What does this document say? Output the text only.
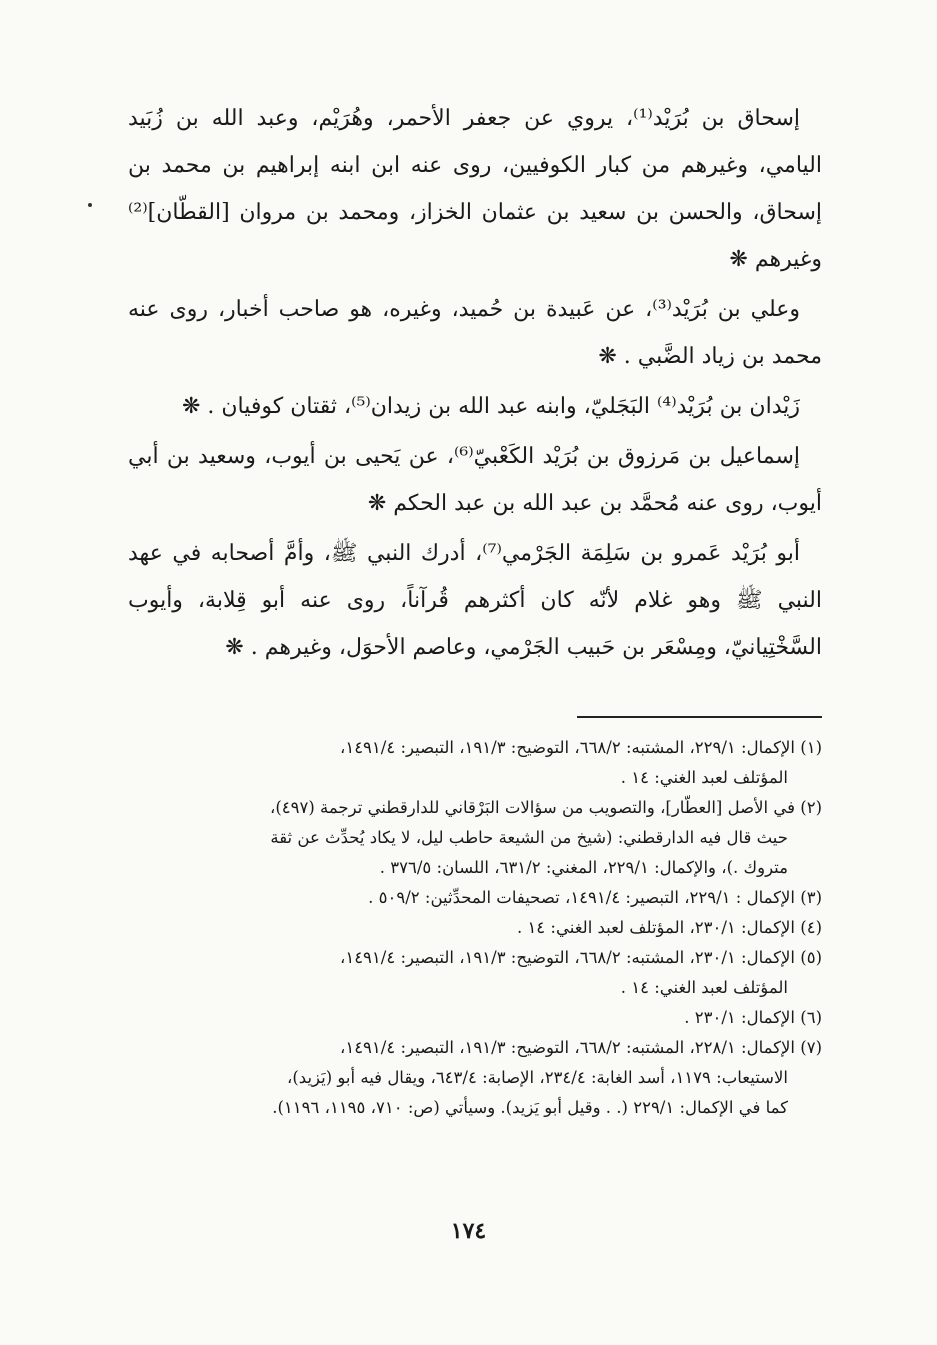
إسحاق بن بُرَيْد⁽¹⁾، يروي عن جعفر الأحمر، وهُرَيْم، وعبد الله بن زُبَيد اليامي، وغيرهم من كبار الكوفيين، روى عنه ابن ابنه إبراهيم بن محمد بن إسحاق، والحسن بن سعيد بن عثمان الخزاز، ومحمد بن مروان [القطّان]⁽²⁾ وغيرهم ❋

وعلي بن بُرَيْد⁽³⁾، عن عَبيدة بن حُميد، وغيره، هو صاحب أخبار، روى عنه محمد بن زياد الضَّبي . ❋

زَيْدان بن بُرَيْد⁽⁴⁾ البَجَليّ، وابنه عبد الله بن زيدان⁽⁵⁾، ثقتان كوفيان . ❋

إسماعيل بن مَرزوق بن بُرَيْد الكَعْبيّ⁽⁶⁾، عن يَحيى بن أيوب، وسعيد بن أبي أيوب، روى عنه مُحمَّد بن عبد الله بن عبد الحكم ❋

أبو بُرَيْد عَمرو بن سَلِمَة الجَرْمي⁽⁷⁾، أدرك النبي ﷺ، وأمَّ أصحابه في عهد النبي ﷺ وهو غلام لأنّه كان أكثرهم قُرآناً، روى عنه أبو قِلابة، وأيوب السَّخْتِيانيّ، ومِسْعَر بن حَبيب الجَرْمي، وعاصم الأحوَل، وغيرهم . ❋

(١) الإكمال: ٢٢٩/١، المشتبه: ٦٦٨/٢، التوضيح: ١٩١/٣، التبصير: ١٤٩١/٤،
المؤتلف لعبد الغني: ١٤ .
(٢) في الأصل [العطّار]، والتصويب من سؤالات البَرْقاني للدارقطني ترجمة (٤٩٧)،
حيث قال فيه الدارقطني: (شيخ من الشيعة حاطب ليل، لا يكاد يُحدِّث عن ثقة
متروك .)، والإكمال: ٢٢٩/١، المغني: ٦٣١/٢، اللسان: ٣٧٦/٥ .
(٣) الإكمال : ٢٢٩/١، التبصير: ١٤٩١/٤، تصحيفات المحدِّثين: ٥٠٩/٢ .
(٤) الإكمال: ٢٣٠/١، المؤتلف لعبد الغني: ١٤ .
(٥) الإكمال: ٢٣٠/١، المشتبه: ٦٦٨/٢، التوضيح: ١٩١/٣، التبصير: ١٤٩١/٤،
المؤتلف لعبد الغني: ١٤ .
(٦) الإكمال: ٢٣٠/١ .
(٧) الإكمال: ٢٢٨/١، المشتبه: ٦٦٨/٢، التوضيح: ١٩١/٣، التبصير: ١٤٩١/٤،
الاستيعاب: ١١٧٩، أسد الغابة: ٢٣٤/٤، الإصابة: ٦٤٣/٤، ويقال فيه أبو (يَزيد)،
كما في الإكمال: ٢٢٩/١ (. . وقيل أبو يَزيد). وسيأتي (ص: ٧١٠، ١١٩٥، ١١٩٦).
١٧٤
